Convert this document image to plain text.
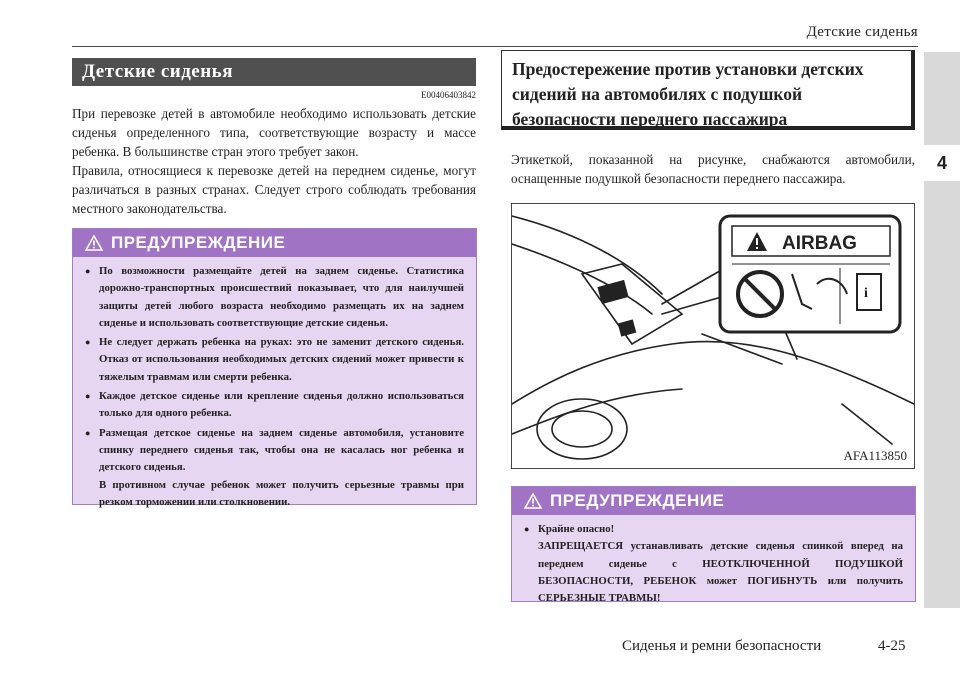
Детские сиденья
4
Детские сиденья
E00406403842

При перевозке детей в автомобиле необходимо использовать детские сиденья определенного типа, соответствующие возрасту и массе ребенка. В большинстве стран этого требует закон.

Правила, относящиеся к перевозке детей на переднем сиденье, могут различаться в разных странах. Следует строго соблюдать требования местного законодательства.

ПРЕДУПРЕЖДЕНИЕ
● По возможности размещайте детей на заднем сиденье. Статистика дорожно-транспортных происшествий показывает, что для наилучшей защиты детей любого возраста необходимо размещать их на заднем сиденье и использовать соответствующие детские сиденья.
● Не следует держать ребенка на руках: это не заменит детского сиденья. Отказ от использования необходимых детских сидений может привести к тяжелым травмам или смерти ребенка.
● Каждое детское сиденье или крепление сиденья должно использоваться только для одного ребенка.
● Размещая детское сиденье на заднем сиденье автомобиля, установите спинку переднего сиденья так, чтобы она не касалась ног ребенка и детского сиденья.
В противном случае ребенок может получить серьезные травмы при резком торможении или столкновении.
Предостережение против установки детских сидений на автомобилях с подушкой безопасности переднего пассажира

Этикеткой, показанной на рисунке, снабжаются автомобили, оснащенные подушкой безопасности переднего пассажира.

AIRBAG
i
AFA113850
ПРЕДУПРЕЖДЕНИЕ
● Крайне опасно!
ЗАПРЕЩАЕТСЯ устанавливать детские сиденья спинкой вперед на переднем сиденье с НЕОТКЛЮЧЕННОЙ ПОДУШКОЙ БЕЗОПАСНОСТИ, РЕБЕНОК может ПОГИБНУТЬ или получить СЕРЬЕЗНЫЕ ТРАВМЫ!
Сиденья и ремни безопасности	4-25
